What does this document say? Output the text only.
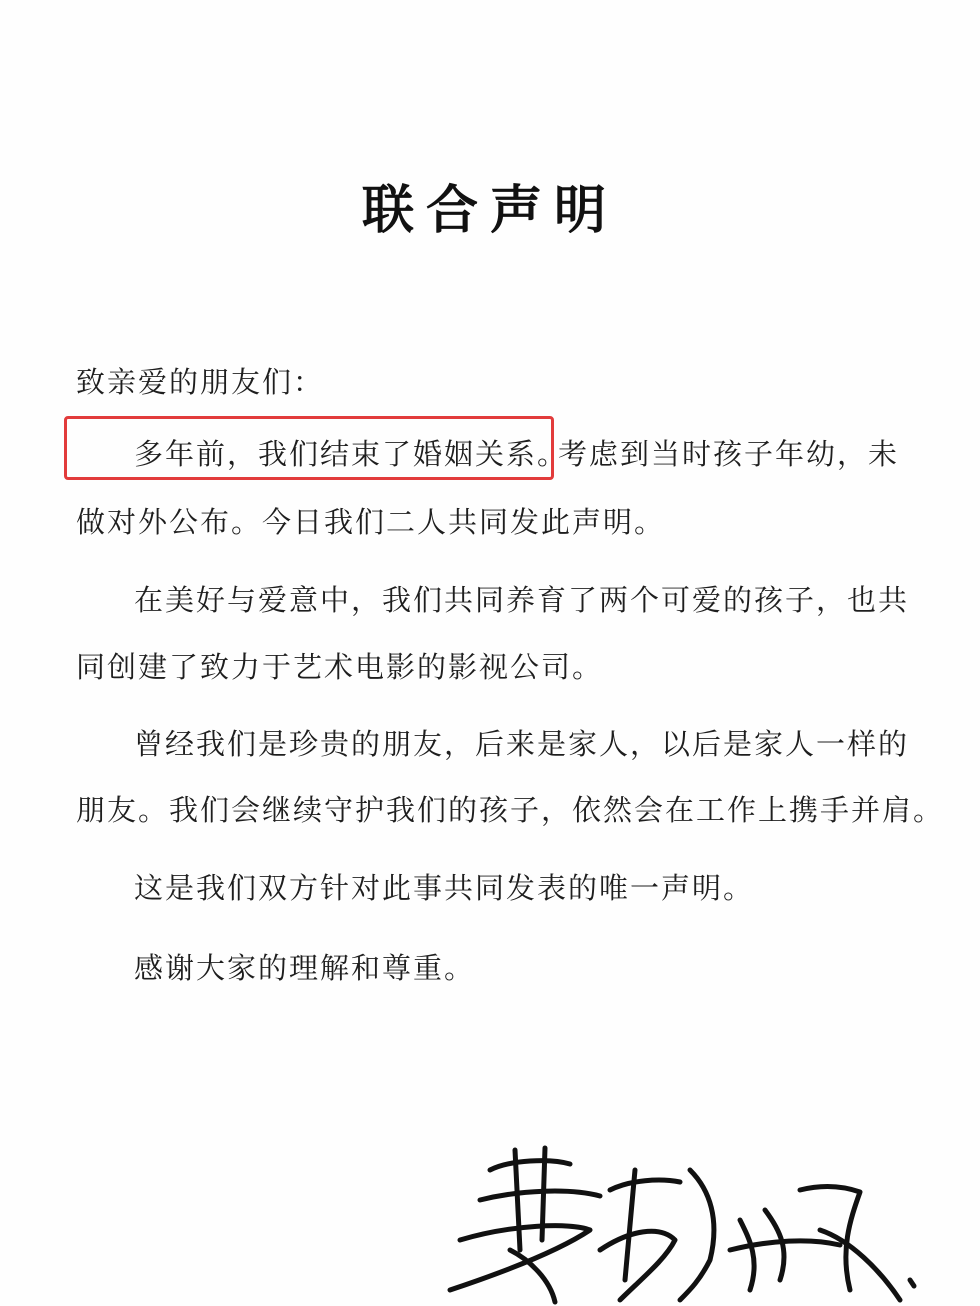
联合声明
致亲爱的朋友们：
多年前，我们结束了婚姻关系。
考虑到当时孩子年幼，未
做对外公布。今日我们二人共同发此声明。
在美好与爱意中，我们共同养育了两个可爱的孩子，也共
同创建了致力于艺术电影的影视公司。
曾经我们是珍贵的朋友，后来是家人，以后是家人一样的
朋友。我们会继续守护我们的孩子，依然会在工作上携手并肩。
这是我们双方针对此事共同发表的唯一声明。
感谢大家的理解和尊重。
